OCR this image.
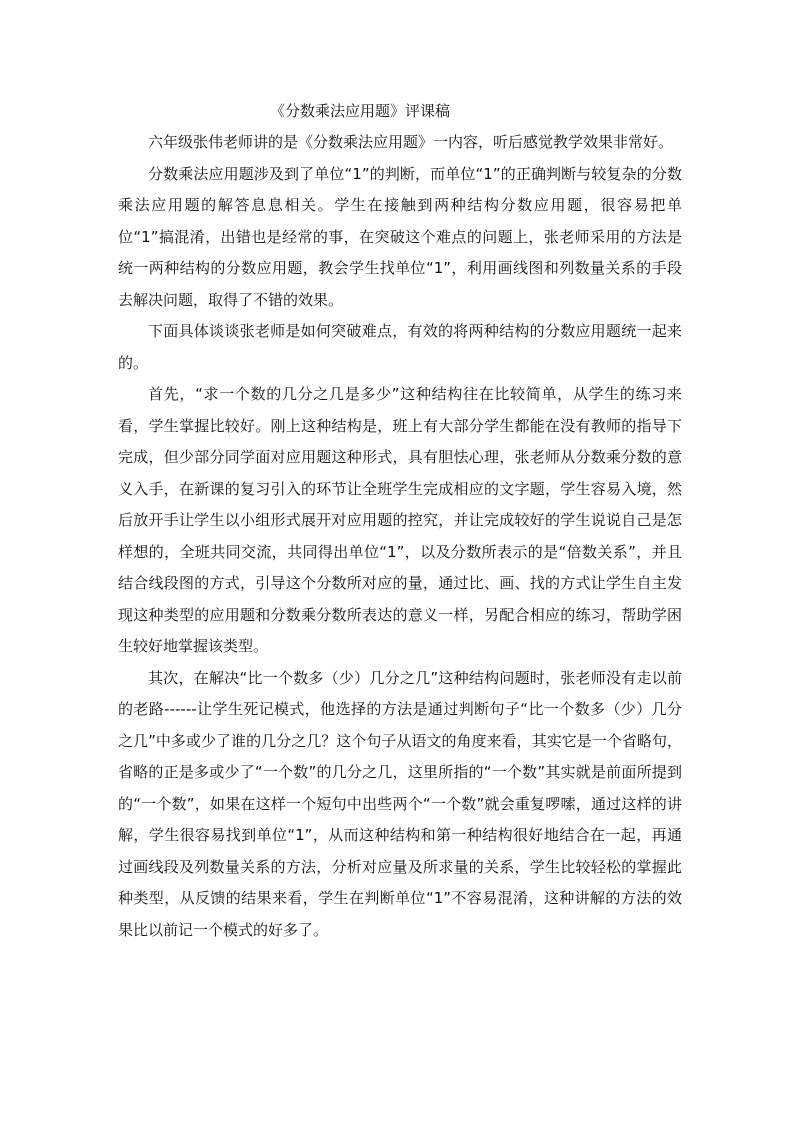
《分数乘法应用题》评课稿

六年级张伟老师讲的是《分数乘法应用题》一内容，听后感觉教学效果非常好。

分数乘法应用题涉及到了单位“1”的判断，而单位“1”的正确判断与较复杂的分数乘法应用题的解答息息相关。学生在接触到两种结构分数应用题，很容易把单位“1”搞混淆，出错也是经常的事，在突破这个难点的问题上，张老师采用的方法是统一两种结构的分数应用题，教会学生找单位“1”，利用画线图和列数量关系的手段去解决问题，取得了不错的效果。

下面具体谈谈张老师是如何突破难点，有效的将两种结构的分数应用题统一起来的。

首先，“求一个数的几分之几是多少”这种结构往在比较简单，从学生的练习来看，学生掌握比较好。刚上这种结构是，班上有大部分学生都能在没有教师的指导下完成，但少部分同学面对应用题这种形式，具有胆怯心理，张老师从分数乘分数的意义入手，在新课的复习引入的环节让全班学生完成相应的文字题，学生容易入境，然后放开手让学生以小组形式展开对应用题的控究，并让完成较好的学生说说自己是怎样想的，全班共同交流，共同得出单位“1”，以及分数所表示的是“倍数关系”，并且结合线段图的方式，引导这个分数所对应的量，通过比、画、找的方式让学生自主发现这种类型的应用题和分数乘分数所表达的意义一样，另配合相应的练习，帮助学困生较好地掌握该类型。

其次，在解决“比一个数多（少）几分之几”这种结构问题时，张老师没有走以前的老路------让学生死记模式，他选择的方法是通过判断句子“比一个数多（少）几分之几”中多或少了谁的几分之几？这个句子从语文的角度来看，其实它是一个省略句，省略的正是多或少了“一个数”的几分之几，这里所指的“一个数”其实就是前面所提到的“一个数”，如果在这样一个短句中出些两个“一个数”就会重复啰嗦，通过这样的讲解，学生很容易找到单位“1”，从而这种结构和第一种结构很好地结合在一起，再通过画线段及列数量关系的方法，分析对应量及所求量的关系，学生比较轻松的掌握此种类型，从反馈的结果来看，学生在判断单位“1”不容易混淆，这种讲解的方法的效果比以前记一个模式的好多了。
